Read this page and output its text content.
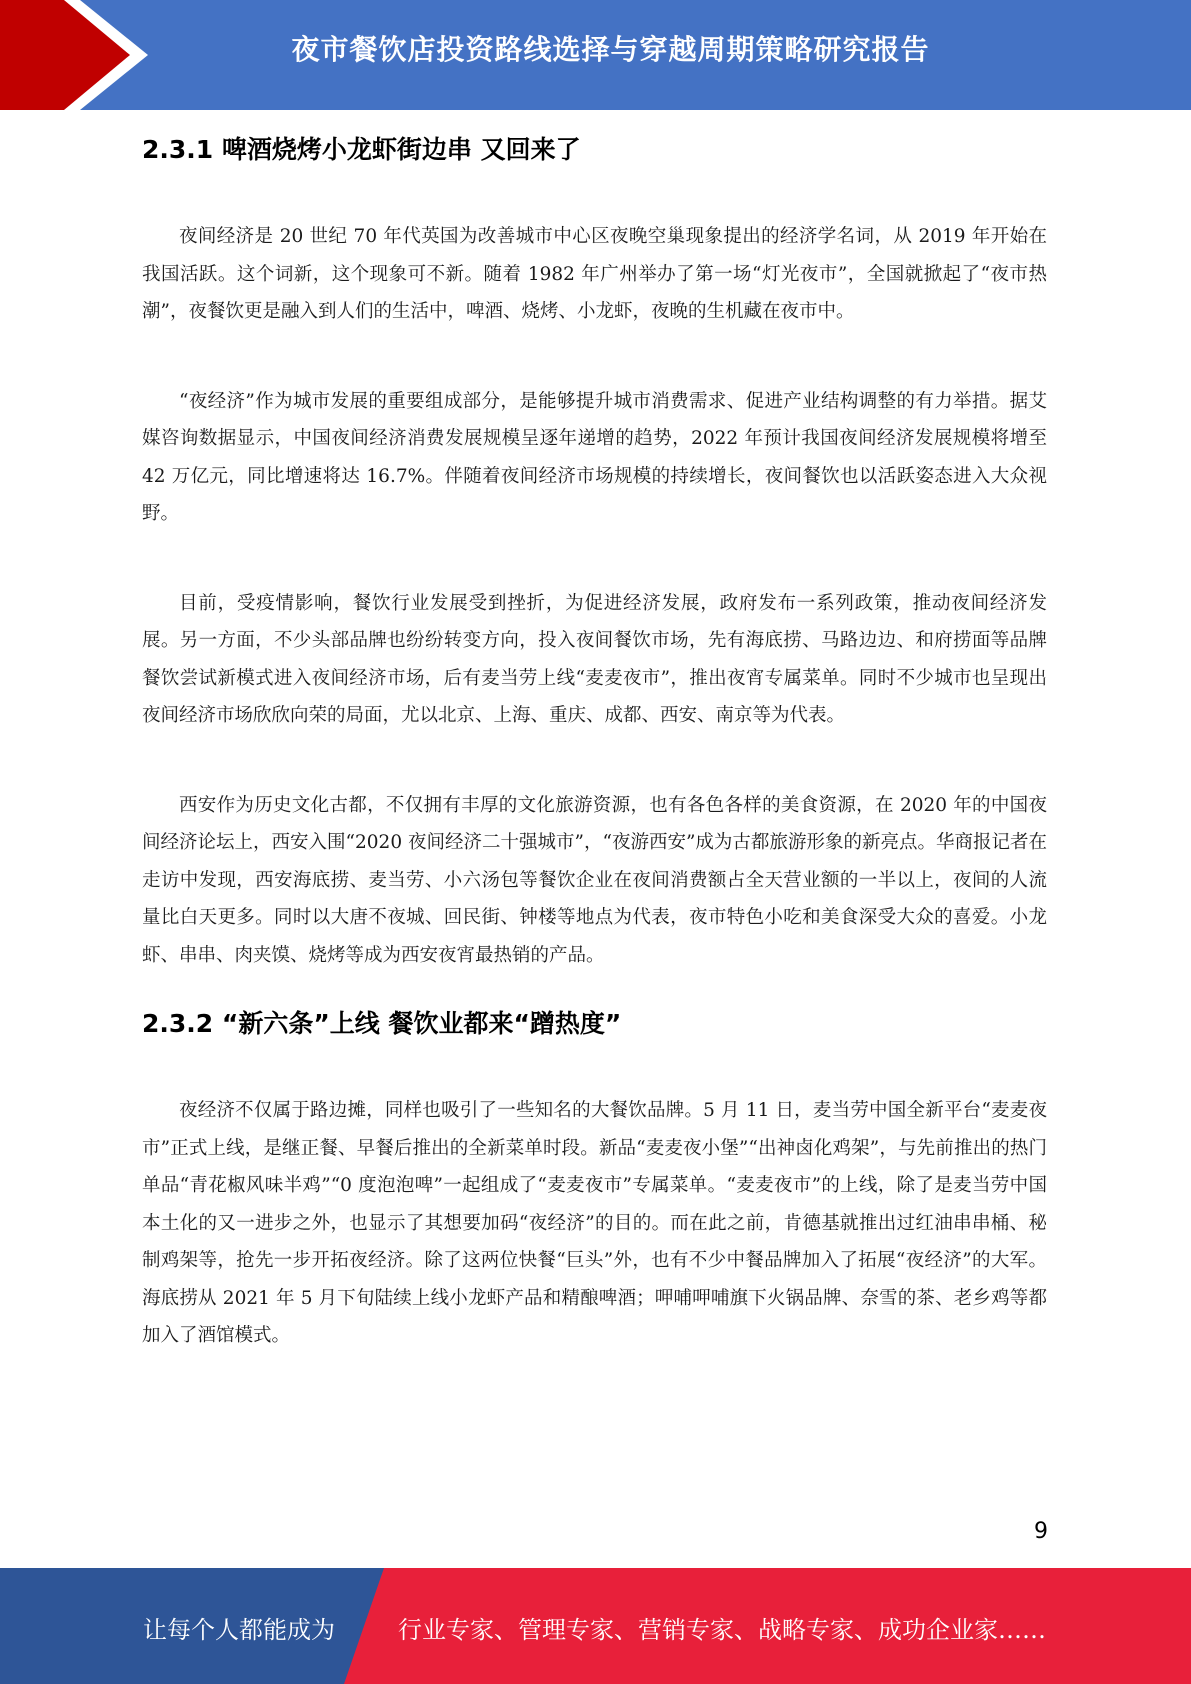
夜市餐饮店投资路线选择与穿越周期策略研究报告
2.3.1 啤酒烧烤小龙虾街边串 又回来了

夜间经济是 20 世纪 70 年代英国为改善城市中心区夜晚空巢现象提出的经济学名词，从 2019 年开始在我国活跃。这个词新，这个现象可不新。随着 1982 年广州举办了第一场“灯光夜市”，全国就掀起了“夜市热潮”，夜餐饮更是融入到人们的生活中，啤酒、烧烤、小龙虾，夜晚的生机藏在夜市中。

“夜经济”作为城市发展的重要组成部分，是能够提升城市消费需求、促进产业结构调整的有力举措。据艾媒咨询数据显示，中国夜间经济消费发展规模呈逐年递增的趋势，2022 年预计我国夜间经济发展规模将增至 42 万亿元，同比增速将达 16.7%。伴随着夜间经济市场规模的持续增长，夜间餐饮也以活跃姿态进入大众视野。

目前，受疫情影响，餐饮行业发展受到挫折，为促进经济发展，政府发布一系列政策，推动夜间经济发展。另一方面，不少头部品牌也纷纷转变方向，投入夜间餐饮市场，先有海底捞、马路边边、和府捞面等品牌餐饮尝试新模式进入夜间经济市场，后有麦当劳上线“麦麦夜市”，推出夜宵专属菜单。同时不少城市也呈现出夜间经济市场欣欣向荣的局面，尤以北京、上海、重庆、成都、西安、南京等为代表。

西安作为历史文化古都，不仅拥有丰厚的文化旅游资源，也有各色各样的美食资源，在 2020 年的中国夜间经济论坛上，西安入围“2020 夜间经济二十强城市”，“夜游西安”成为古都旅游形象的新亮点。华商报记者在走访中发现，西安海底捞、麦当劳、小六汤包等餐饮企业在夜间消费额占全天营业额的一半以上，夜间的人流量比白天更多。同时以大唐不夜城、回民街、钟楼等地点为代表，夜市特色小吃和美食深受大众的喜爱。小龙虾、串串、肉夹馍、烧烤等成为西安夜宵最热销的产品。

2.3.2 “新六条”上线 餐饮业都来“蹭热度”

夜经济不仅属于路边摊，同样也吸引了一些知名的大餐饮品牌。5 月 11 日，麦当劳中国全新平台“麦麦夜市”正式上线，是继正餐、早餐后推出的全新菜单时段。新品“麦麦夜小堡”“出神卤化鸡架”，与先前推出的热门单品“青花椒风味半鸡”“0 度泡泡啤”一起组成了“麦麦夜市”专属菜单。“麦麦夜市”的上线，除了是麦当劳中国本土化的又一进步之外，也显示了其想要加码“夜经济”的目的。而在此之前，肯德基就推出过红油串串桶、秘制鸡架等，抢先一步开拓夜经济。除了这两位快餐“巨头”外，也有不少中餐品牌加入了拓展“夜经济”的大军。海底捞从 2021 年 5 月下旬陆续上线小龙虾产品和精酿啤酒；呷哺呷哺旗下火锅品牌、奈雪的茶、老乡鸡等都加入了酒馆模式。

9
让每个人都能成为	行业专家、管理专家、营销专家、战略专家、成功企业家……
